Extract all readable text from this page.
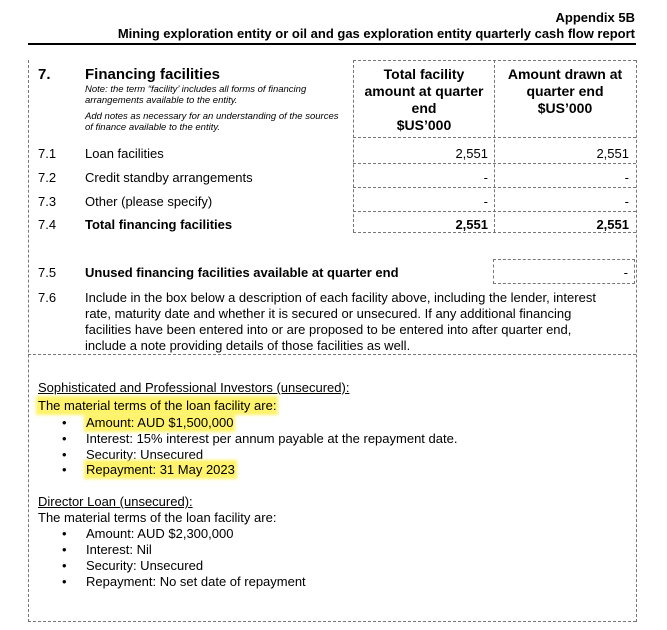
Appendix 5B
Mining exploration entity or oil and gas exploration entity quarterly cash flow report
7. Financing facilities
Note: the term “facility’ includes all forms of financing arrangements available to the entity.
Add notes as necessary for an understanding of the sources of finance available to the entity.
Total facility
amount at quarter
end
$US’000
Amount drawn at
quarter end
$US’000
7.1 Loan facilities	2,551	2,551
7.2 Credit standby arrangements	-	-
7.3 Other (please specify)	-	-
7.4 Total financing facilities	2,551	2,551
7.5 Unused financing facilities available at quarter end	-
7.6 Include in the box below a description of each facility above, including the lender, interest rate, maturity date and whether it is secured or unsecured. If any additional financing facilities have been entered into or are proposed to be entered into after quarter end, include a note providing details of those facilities as well.
Sophisticated and Professional Investors (unsecured):
The material terms of the loan facility are:
• Amount: AUD $1,500,000
• Interest: 15% interest per annum payable at the repayment date.
• Security: Unsecured
• Repayment: 31 May 2023
Director Loan (unsecured):
The material terms of the loan facility are:
• Amount: AUD $2,300,000
• Interest: Nil
• Security: Unsecured
• Repayment: No set date of repayment
